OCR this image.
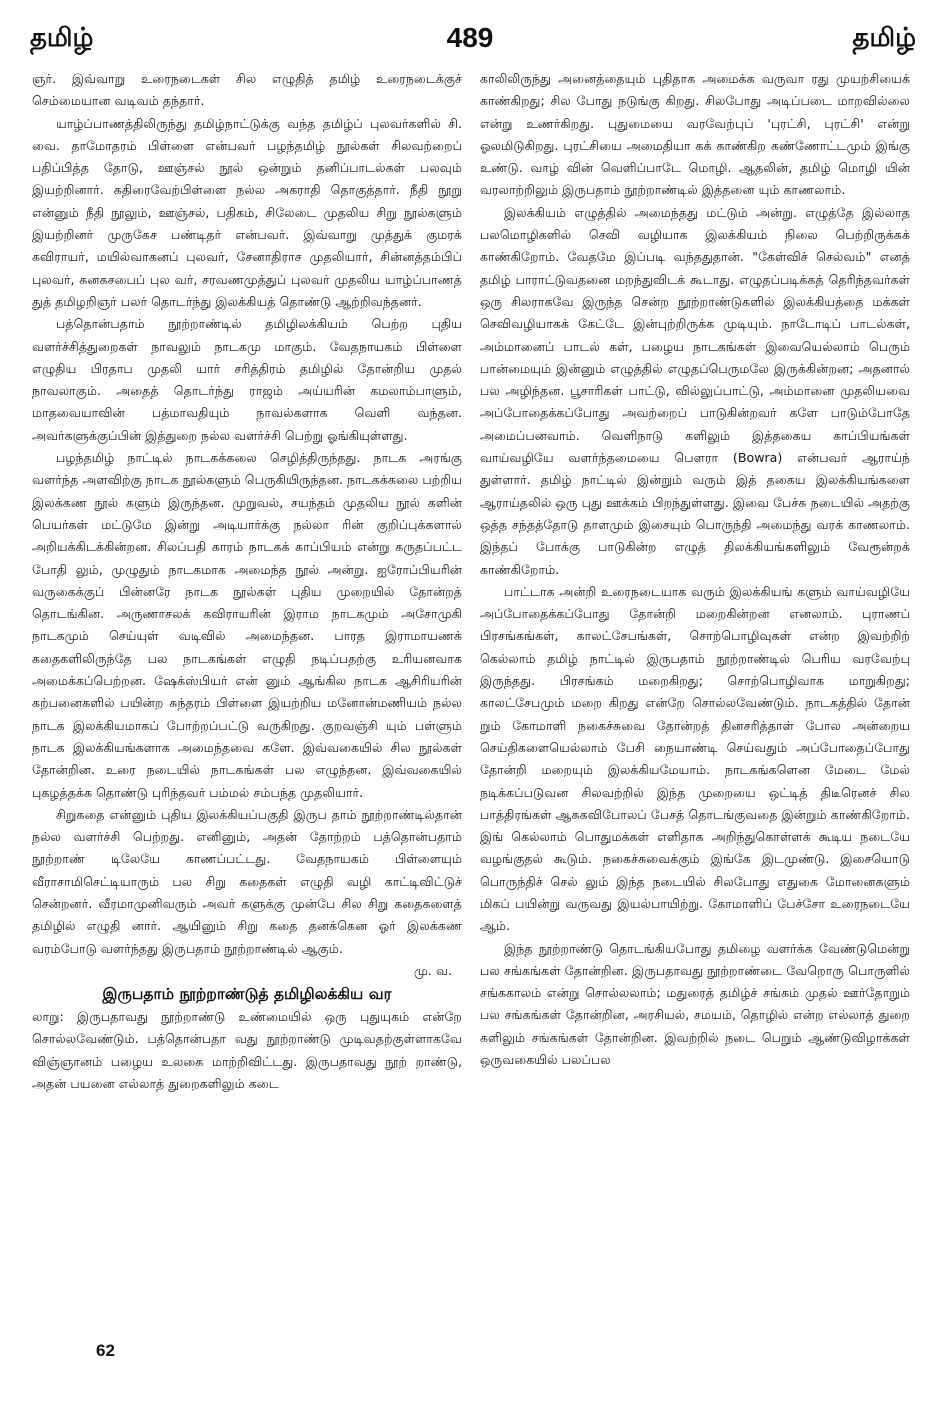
தமிழ்	489	தமிழ்

ஞர். இவ்வாறு உரைநடைகள் சில எழுதித் தமிழ் உரைநடைக்குச் செம்மையான வடிவம் தந்தார்.

யாழ்ப்பாணத்திலிருந்து தமிழ்நாட்டுக்கு வந்த தமிழ்ப் புலவர்களில் சி. வை. தாமோதரம் பிள்ளை என்பவர் பழந்தமிழ் நூல்கள் சிலவற்றைப் பதிப்பித்த தோடு, ஊஞ்சல் நூல் ஒன்றும் தனிப்பாடல்கள் பலவும் இயற்றினார். கதிரைவேற்பிள்ளை நல்ல அகராதி தொகுத்தார். நீதி நூறு என்னும் நீதி நூலும், ஊஞ்சல், பதிகம், சிலேடை முதலிய சிறு நூல்களும் இயற்றினர் முருகேச பண்டிதர் என்பவர். இவ்வாறு முத்துக் குமரக் கவிராயர், மயில்வாகனப் புலவர், சேனாதிராச முதலியார், சின்னத்தம்பிப் புலவர், கனகசபைப் புல வர், சரவணமுத்துப் புலவர் முதலிய யாழ்ப்பாணத் துத் தமிழறிஞர் பலர் தொடர்ந்து இலக்கியத் தொண்டு ஆற்றிவந்தனர்.

பத்தொன்பதாம் நூற்றாண்டில் தமிழிலக்கியம் பெற்ற புதிய வளர்ச்சித்துறைகள் நாவலும் நாடகமு மாகும். வேதநாயகம் பிள்ளை எழுதிய பிரதாப முதலி யார் சரித்திரம் தமிழில் தோன்றிய முதல் நாவலாகும். அதைத் தொடர்ந்து ராஜம் அய்யரின் கமலாம்பாளும், மாதவையாவின் பத்மாவதியும் நாவல்களாக வெளி வந்தன. அவர்களுக்குப்பின் இத்துறை நல்ல வளர்ச்சி பெற்று ஓங்கியுள்ளது.

பழந்தமிழ் நாட்டில் நாடகக்கலை செழித்திருந்தது. நாடக அரங்கு வளர்ந்த அளவிற்கு நாடக நூல்களும் பெருகியிருந்தன. நாடகக்கலை பற்றிய இலக்கண நூல் களும் இருந்தன. முறுவல், சயந்தம் முதலிய நூல் களின் பெயர்கள் மட்டுமே இன்று அடியார்க்கு நல்லா ரின் குறிப்புக்களால் அறியக்கிடக்கின்றன. சிலப்பதி காரம் நாடகக் காப்பியம் என்று கருதப்பட்ட போதி லும், முழுதும் நாடகமாக அமைந்த நூல் அன்று. ஐரோப்பியரின் வருகைக்குப் பின்னரே நாடக நூல்கள் புதிய முறையில் தோன்றத் தொடங்கின. அருணாசலக் கவிராயரின் இராம நாடகமும் அசோமுகி நாடகமும் செய்யுள் வடிவில் அமைந்தன. பாரத இராமாயணக் கதைகளிலிருந்தே பல நாடகங்கள் எழுதி நடிப்பதற்கு உரியனவாக அமைக்கப்பெற்றன. ஷேக்ஸ்பியர் என் னும் ஆங்கில நாடக ஆசிரியரின் கற்பனைகளில் பயின்ற சுந்தரம் பிள்ளை இயற்றிய மனோன்மணியம் நல்ல நாடக இலக்கியமாகப் போற்றப்பட்டு வருகிறது. குறவஞ்சி யும் பள்ளும் நாடக இலக்கியங்களாக அமைந்தவை களே. இவ்வகையில் சில நூல்கள் தோன்றின. உரை நடையில் நாடகங்கள் பல எழுந்தன. இவ்வகையில் புகழத்தக்க தொண்டு புரிந்தவர் பம்மல் சம்பந்த முதலியார்.

சிறுகதை என்னும் புதிய இலக்கியப்பகுதி இருப தாம் நூற்றாண்டில்தான் நல்ல வளர்ச்சி பெற்றது. எனினும், அதன் தோற்றம் பத்தொன்பதாம் நூற்றாண் டிலேயே காணப்பட்டது. வேதநாயகம் பிள்ளையும் வீராசாமிசெட்டியாரும் பல சிறு கதைகள் எழுதி வழி காட்டிவிட்டுச் சென்றனர். வீரமாமுனிவரும் அவர் களுக்கு முன்பே சில சிறு கதைகளைத் தமிழில் எழுதி னார். ஆயினும் சிறு கதை தனக்கென ஓர் இலக்கண வரம்போடு வளர்ந்தது இருபதாம் நூற்றாண்டில் ஆகும்.

மு. வ.

இருபதாம் நூற்றாண்டுத் தமிழிலக்கிய வர

லாறு: இருபதாவது நூற்றாண்டு உண்மையில் ஒரு புதுயுகம் என்றே சொல்லவேண்டும். பத்தொன்பதா வது நூற்றாண்டு முடிவதற்குள்ளாகவே விஞ்ஞானம் பழைய உலகை மாற்றிவிட்டது. இருபதாவது நூற் றாண்டு, அதன் பயனை எல்லாத் துறைகளிலும் கடை

காலிலிருந்து அனைத்தையும் புதிதாக அமைக்க வருவா ரது முயற்சியைக் காண்கிறது; சில போது நடுங்கு கிறது. சிலபோது அடிப்படை மாறவில்லை என்று உணர்கிறது. புதுமையை வரவேற்புப் 'புரட்சி, புரட்சி' என்று ஓலமிடுகிறது. புரட்சியை அமைதியா கக் காண்கிற கண்ணோட்டமும் இங்கு உண்டு. வாழ் வின் வெளிப்பாடே மொழி. ஆதலின், தமிழ் மொழி யின் வரலாற்றிலும் இருபதாம் நூற்றாண்டில் இத்தனை யும் காணலாம்.

இலக்கியம் எழுத்தில் அமைந்தது மட்டும் அன்று. எழுத்தே இல்லாத பலமொழிகளில் செவி வழியாக இலக்கியம் நிலை பெற்றிருக்கக் காண்கிறோம். வேதமே இப்படி வந்ததுதான். "கேள்விச் செல்வம்" எனத் தமிழ் பாராட்டுவதனை மறந்துவிடக் கூடாது. எழுதப்படிக்கத் தெரிந்தவர்கள் ஒரு சிலராகவே இருந்த சென்ற நூற்றாண்டுகளில் இலக்கியத்தை மக்கள் செவிவழியாகக் கேட்டே இன்புற்றிருக்க முடியும். நாடோடிப் பாடல்கள், அம்மானைப் பாடல் கள், பழைய நாடகங்கள் இவையெல்லாம் பெரும் பான்மையும் இன்னும் எழுத்தில் எழுதப்பெருமலே இருக்கின்றன; அதனால் பல அழிந்தன. பூசாரிகள் பாட்டு, வில்லுப்பாட்டு, அம்மானை முதலியவை அப்போதைக்கப்போது அவற்றைப் பாடுகின்றவர் களே பாடும்போதே அமைப்பனவாம். வெளிநாடு களிலும் இத்தகைய காப்பியங்கள் வாய்வழியே வளர்ந்தமையை பௌரா (Bowra) என்பவர் ஆராய்ந் துள்ளார். தமிழ் நாட்டில் இன்றும் வரும் இத் தகைய இலக்கியங்களை ஆராய்தலில் ஒரு புது ஊக்கம் பிறந்துள்ளது. இவை பேச்சு நடையில் அதற்கு ஒத்த சந்தத்தோடு தாளமும் இசையும் பொருந்தி அமைந்து வரக் காணலாம். இந்தப் போக்கு பாடுகின்ற எழுத் திலக்கியங்களிலும் வேரூன்றக் காண்கிறோம்.

பாட்டாக அன்றி உரைநடையாக வரும் இலக்கியங் களும் வாய்வழியே அப்போதைக்கப்போது தோன்றி மறைகின்றன எனலாம். புராணப் பிரசங்கங்கள், காலட்சேபங்கள், சொற்பொழிவுகள் என்ற இவற்றிற் கெல்லாம் தமிழ் நாட்டில் இருபதாம் நூற்றாண்டில் பெரிய வரவேற்பு இருந்தது. பிரசங்கம் மறைகிறது; சொற்பொழிவாக மாறுகிறது; காலட்சேபமும் மறை கிறது என்றே சொல்லவேண்டும். நாடகத்தில் தோன் றும் கோமாளி நகைச்சுவை தோன்றத் தினசரித்தாள் போல அன்றைய செய்திகளையெல்லாம் பேசி நையாண்டி செய்வதும் அப்போதைப்போது தோன்றி மறையும் இலக்கியமேயாம். நாடகங்களென மேடை மேல் நடிக்கப்படுவன சிலவற்றில் இந்த முறையை ஒட்டித் திடீரெனச் சில பாத்திரங்கள் ஆசுகவிபோலப் பேசத் தொடங்குவதை இன்றும் காண்கிறோம். இங் கெல்லாம் பொதுமக்கள் எளிதாக அறிந்துகொள்ளக் கூடிய நடையே வழங்குதல் கூடும். நகைச்சுவைக்கும் இங்கே இடமுண்டு. இசையொடு பொருந்திச் செல் லும் இந்த நடையில் சிலபோது எதுகை மோனைகளும் மிகப் பயின்று வருவது இயல்பாயிற்று. கோமாளிப் பேச்சோ உரைநடையே ஆம்.

இந்த நூற்றாண்டு தொடங்கியபோது தமிழை வளர்க்க வேண்டுமென்று பல சங்கங்கள் தோன்றின. இருபதாவது நூற்றாண்டை வேறொரு பொருளில் சங்ககாலம் என்று சொல்லலாம்; மதுரைத் தமிழ்ச் சங்கம் முதல் ஊர்தோறும் பல சங்கங்கள் தோன்றின, அரசியல், சமயம், தொழில் என்ற எல்லாத் துறை களிலும் சங்கங்கள் தோன்றின. இவற்றில் நடை பெறும் ஆண்டுவிழாக்கள் ஒருவகையில் பலப்பல

62
